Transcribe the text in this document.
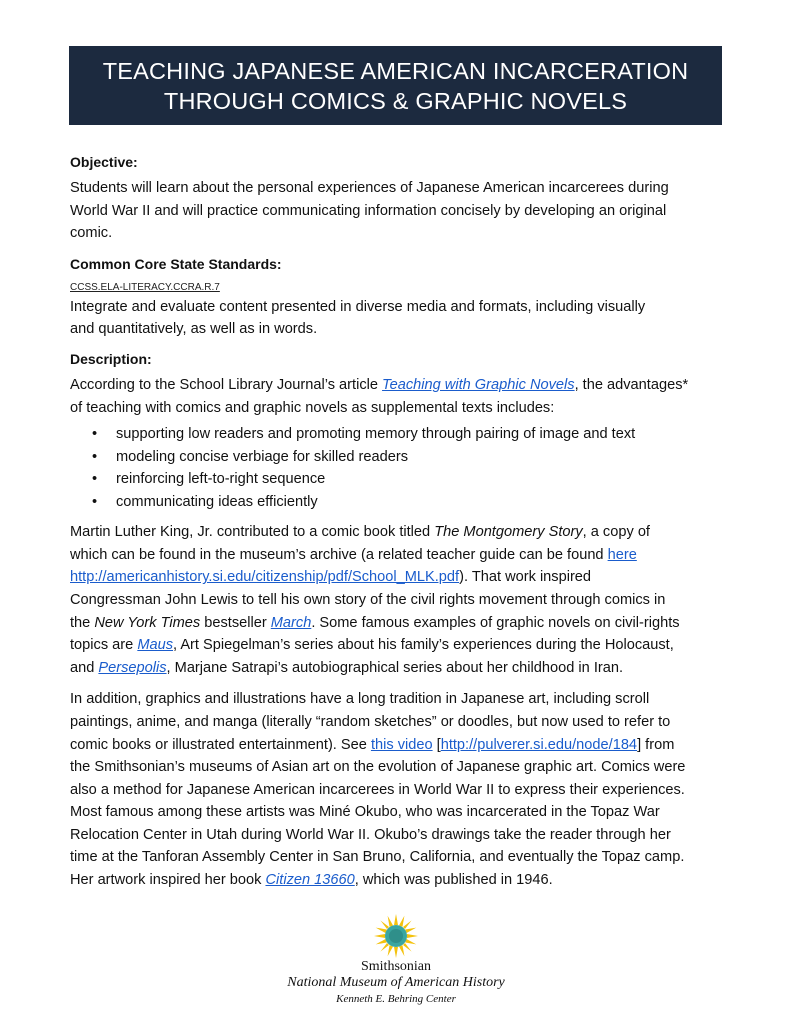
TEACHING JAPANESE AMERICAN INCARCERATION
THROUGH COMICS & GRAPHIC NOVELS

Objective:

Students will learn about the personal experiences of Japanese American incarcerees during
World War II and will practice communicating information concisely by developing an original
comic.

Common Core State Standards:

CCSS.ELA-LITERACY.CCRA.R.7
Integrate and evaluate content presented in diverse media and formats, including visually
and quantitatively, as well as in words.

Description:

According to the School Library Journal’s article Teaching with Graphic Novels, the advantages*
of teaching with comics and graphic novels as supplemental texts includes:
• supporting low readers and promoting memory through pairing of image and text
• modeling concise verbiage for skilled readers
• reinforcing left-to-right sequence
• communicating ideas efficiently
Martin Luther King, Jr. contributed to a comic book titled The Montgomery Story, a copy of
which can be found in the museum’s archive (a related teacher guide can be found here
http://americanhistory.si.edu/citizenship/pdf/School_MLK.pdf). That work inspired
Congressman John Lewis to tell his own story of the civil rights movement through comics in
the New York Times bestseller March. Some famous examples of graphic novels on civil-rights
topics are Maus, Art Spiegelman’s series about his family’s experiences during the Holocaust,
and Persepolis, Marjane Satrapi’s autobiographical series about her childhood in Iran.
In addition, graphics and illustrations have a long tradition in Japanese art, including scroll
paintings, anime, and manga (literally “random sketches” or doodles, but now used to refer to
comic books or illustrated entertainment). See this video [http://pulverer.si.edu/node/184] from
the Smithsonian’s museums of Asian art on the evolution of Japanese graphic art. Comics were
also a method for Japanese American incarcerees in World War II to express their experiences.
Most famous among these artists was Miné Okubo, who was incarcerated in the Topaz War
Relocation Center in Utah during World War II. Okubo’s drawings take the reader through her
time at the Tanforan Assembly Center in San Bruno, California, and eventually the Topaz camp.
Her artwork inspired her book Citizen 13660, which was published in 1946.
Smithsonian
National Museum of American History
Kenneth E. Behring Center
